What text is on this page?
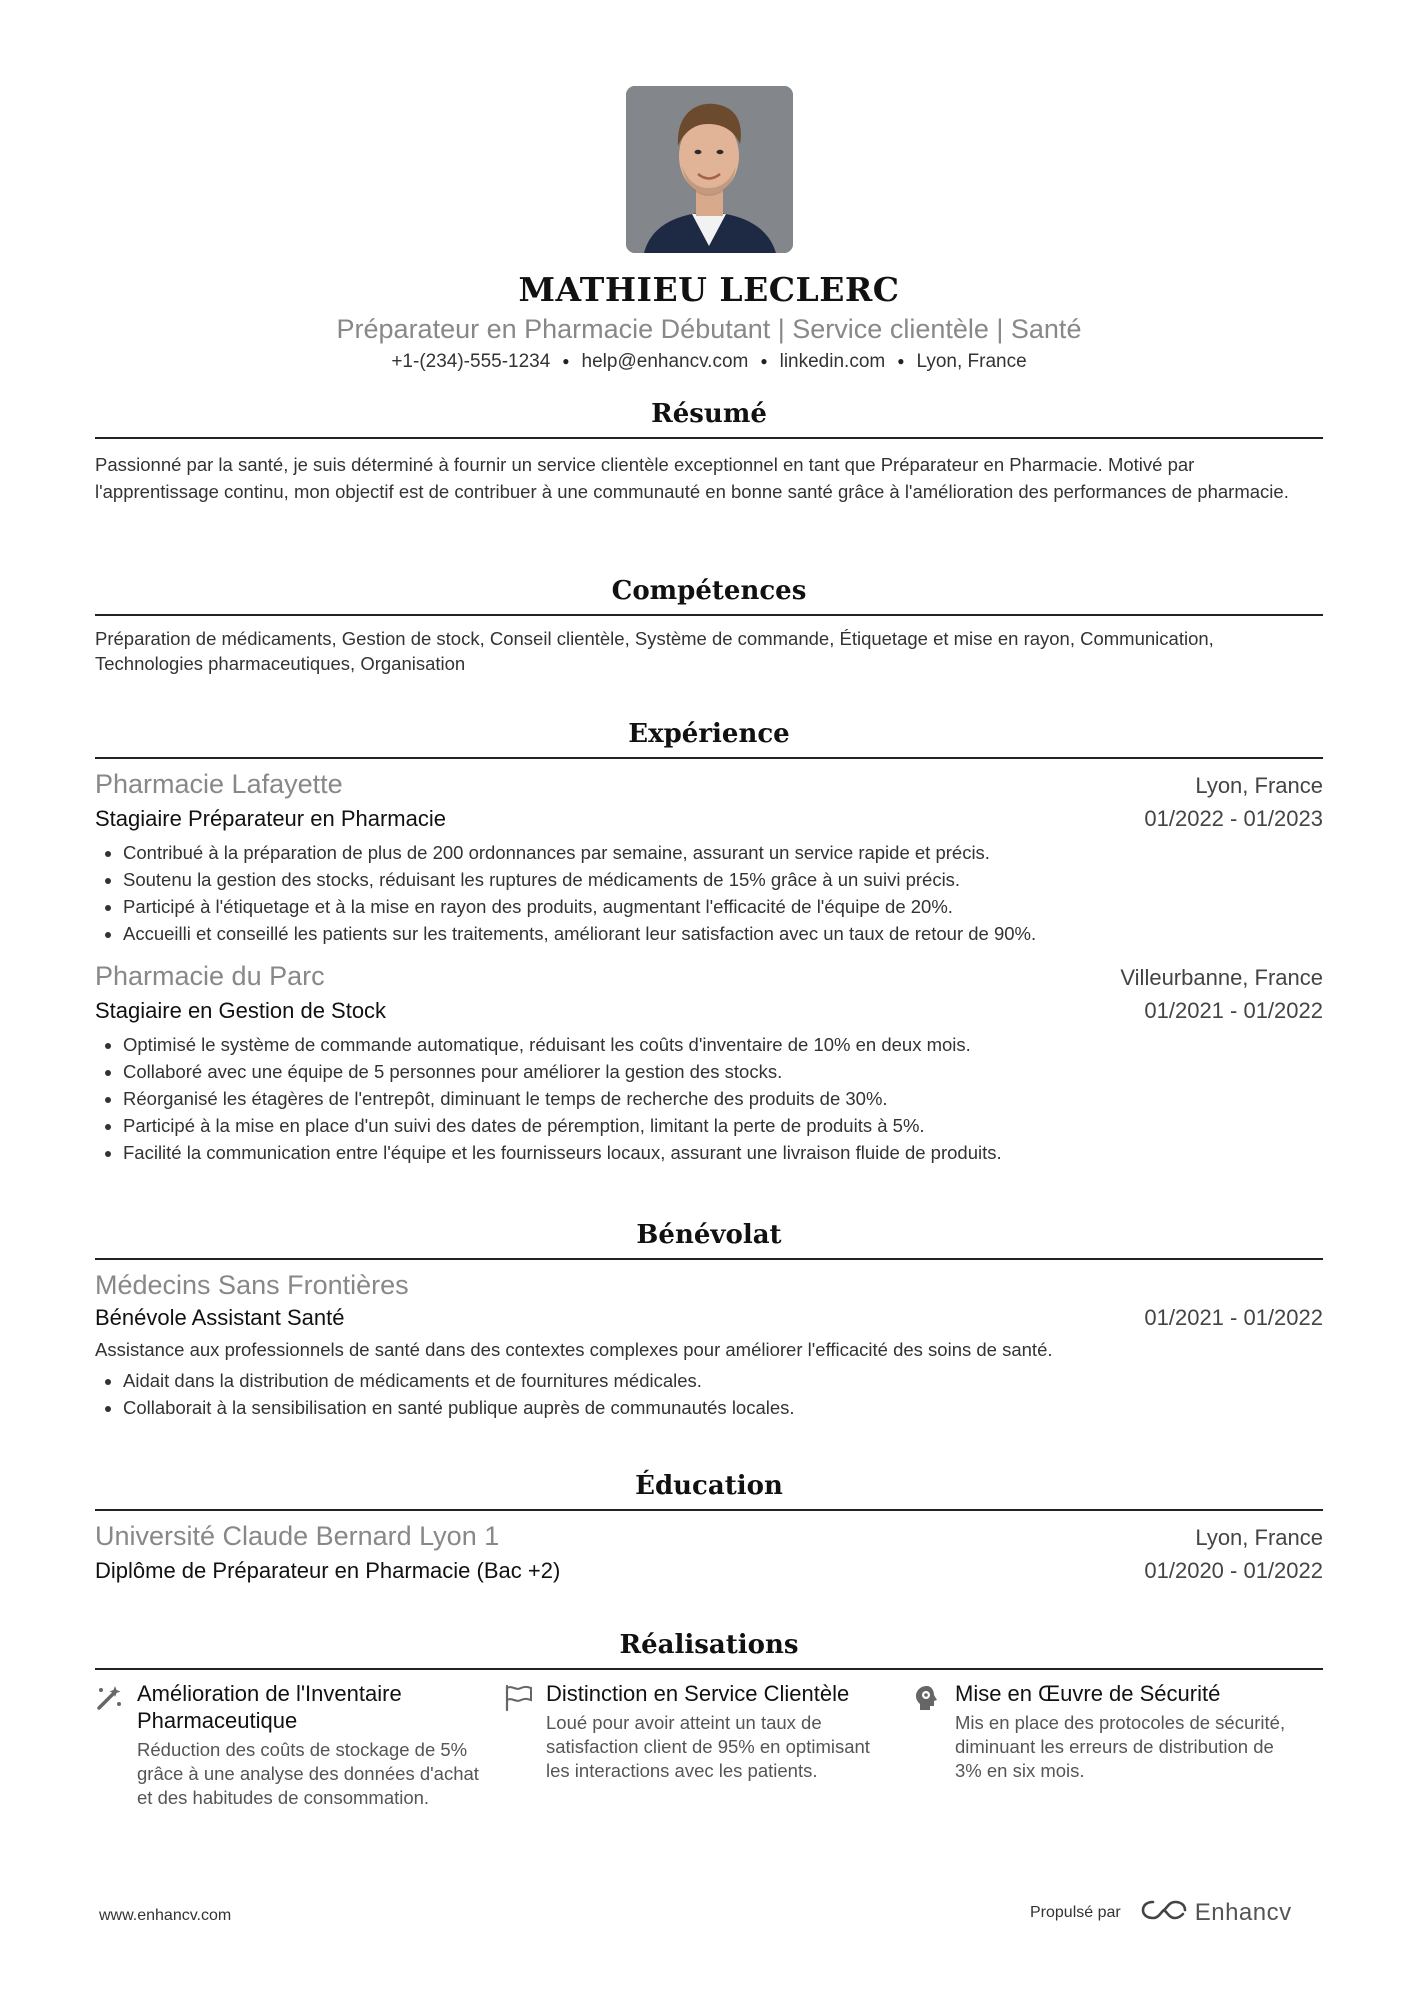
MATHIEU LECLERC
Préparateur en Pharmacie Débutant | Service clientèle | Santé
+1-(234)-555-1234 ● help@enhancv.com ● linkedin.com ● Lyon, France
Résumé
Passionné par la santé, je suis déterminé à fournir un service clientèle exceptionnel en tant que Préparateur en Pharmacie. Motivé par l'apprentissage continu, mon objectif est de contribuer à une communauté en bonne santé grâce à l'amélioration des performances de pharmacie.
Compétences
Préparation de médicaments, Gestion de stock, Conseil clientèle, Système de commande, Étiquetage et mise en rayon, Communication, Technologies pharmaceutiques, Organisation
Expérience
Pharmacie Lafayette	Lyon, France
Stagiaire Préparateur en Pharmacie	01/2022 - 01/2023
• Contribué à la préparation de plus de 200 ordonnances par semaine, assurant un service rapide et précis.
• Soutenu la gestion des stocks, réduisant les ruptures de médicaments de 15% grâce à un suivi précis.
• Participé à l'étiquetage et à la mise en rayon des produits, augmentant l'efficacité de l'équipe de 20%.
• Accueilli et conseillé les patients sur les traitements, améliorant leur satisfaction avec un taux de retour de 90%.
Pharmacie du Parc	Villeurbanne, France
Stagiaire en Gestion de Stock	01/2021 - 01/2022
• Optimisé le système de commande automatique, réduisant les coûts d'inventaire de 10% en deux mois.
• Collaboré avec une équipe de 5 personnes pour améliorer la gestion des stocks.
• Réorganisé les étagères de l'entrepôt, diminuant le temps de recherche des produits de 30%.
• Participé à la mise en place d'un suivi des dates de péremption, limitant la perte de produits à 5%.
• Facilité la communication entre l'équipe et les fournisseurs locaux, assurant une livraison fluide de produits.
Bénévolat
Médecins Sans Frontières
Bénévole Assistant Santé	01/2021 - 01/2022
Assistance aux professionnels de santé dans des contextes complexes pour améliorer l'efficacité des soins de santé.
• Aidait dans la distribution de médicaments et de fournitures médicales.
• Collaborait à la sensibilisation en santé publique auprès de communautés locales.
Éducation
Université Claude Bernard Lyon 1	Lyon, France
Diplôme de Préparateur en Pharmacie (Bac +2)	01/2020 - 01/2022
Réalisations
Amélioration de l'Inventaire Pharmaceutique
Réduction des coûts de stockage de 5% grâce à une analyse des données d'achat et des habitudes de consommation.
Distinction en Service Clientèle
Loué pour avoir atteint un taux de satisfaction client de 95% en optimisant les interactions avec les patients.
Mise en Œuvre de Sécurité
Mis en place des protocoles de sécurité, diminuant les erreurs de distribution de 3% en six mois.
www.enhancv.com	Propulsé par	Enhancv
